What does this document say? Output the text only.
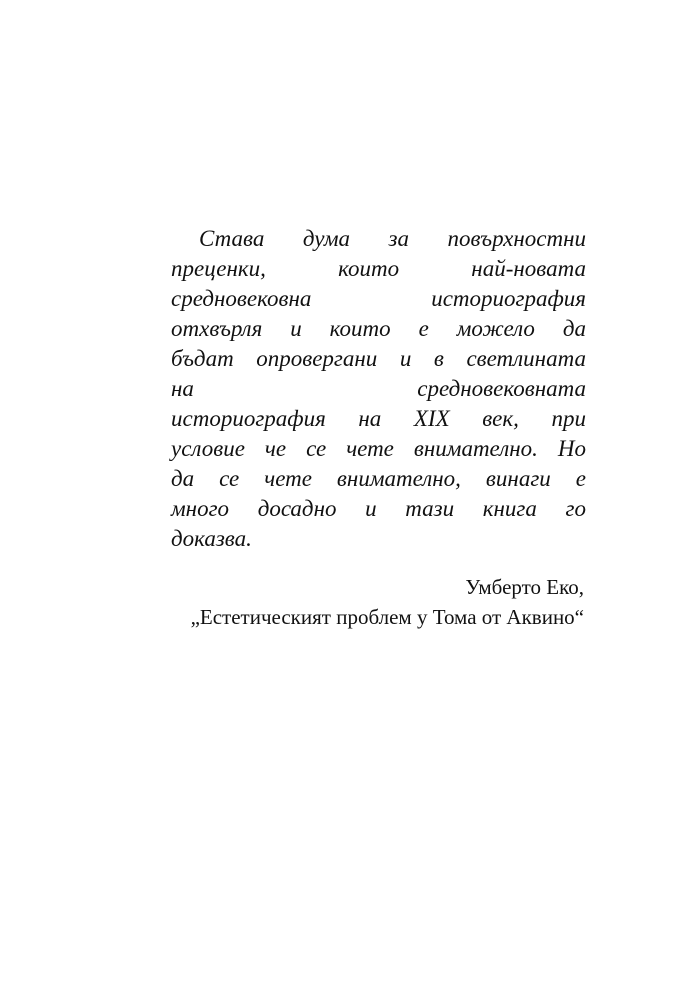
Става дума за повърхностни
преценки,	които	най-новата
средновековна	историография
отхвърля и които е можело да
бъдат опровергани и в светлината
на	средновековната
историография на XIX век, при
условие че се чете внимателно. Но
да се чете внимателно, винаги е
много досадно и тази книга го
доказва.
Умберто Еко,
„Естетическият проблем у Тома от Аквино“
